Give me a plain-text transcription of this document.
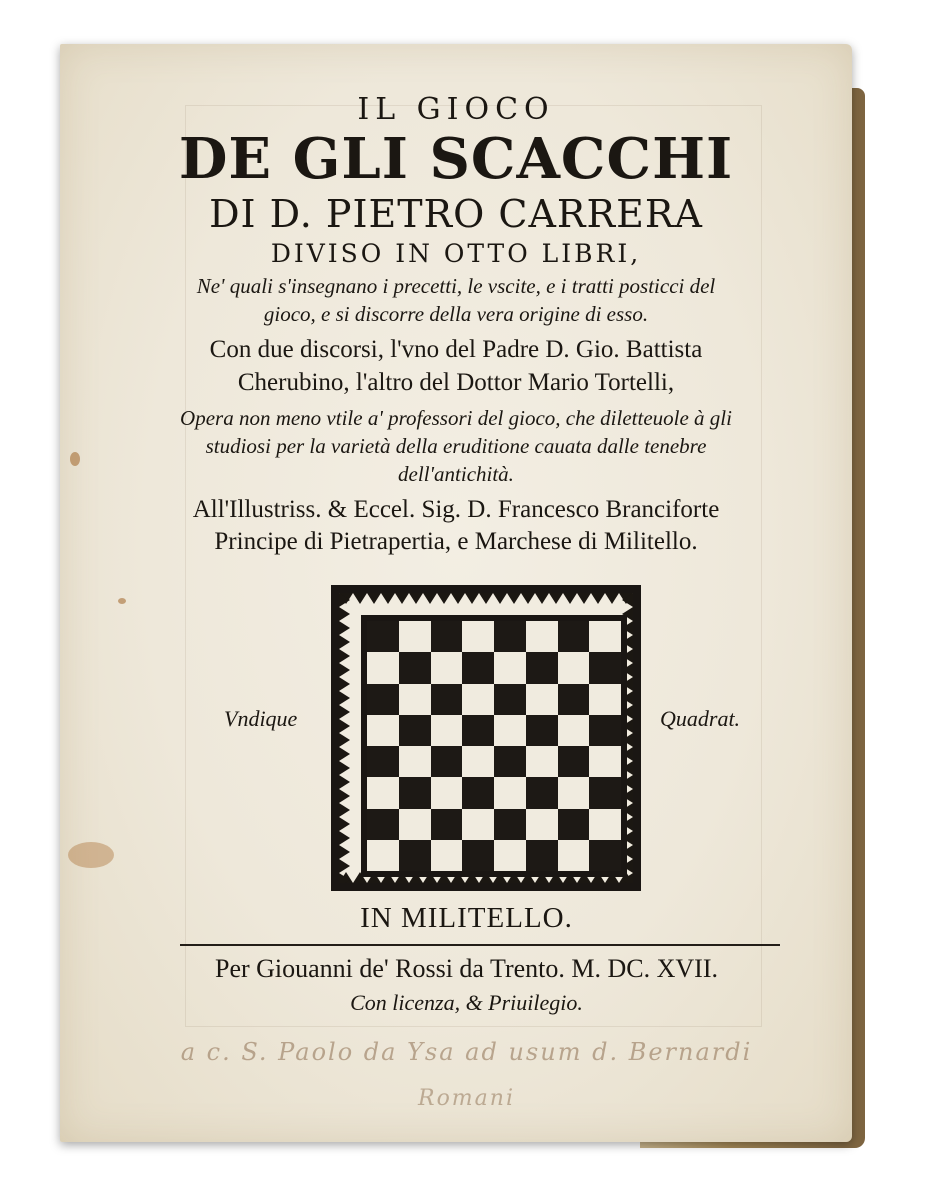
IL GIOCO
DE GLI SCACCHI
DI D. PIETRO CARRERA
DIVISO IN OTTO LIBRI,
Ne' quali s'insegnano i precetti, le vscite, e i tratti posticci del
gioco, e si discorre della vera origine di esso.
Con due discorsi, l'vno del Padre D. Gio. Battista
Cherubino, l'altro del Dottor Mario Tortelli,
Opera non meno vtile a' professori del gioco, che diletteuole à gli
studiosi per la varietà della eruditione cauata dalle tenebre
dell'antichità.
All'Illustriss. & Eccel. Sig. D. Francesco Branciforte
Principe di Pietrapertia, e Marchese di Militello.
Vndique	Quadrat.
IN MILITELLO.
Per Giouanni de' Rossi da Trento. M. DC. XVII.
Con licenza, & Priuilegio.
a c. S. Paolo da Ysa ad usum d. Bernardi
Romani
